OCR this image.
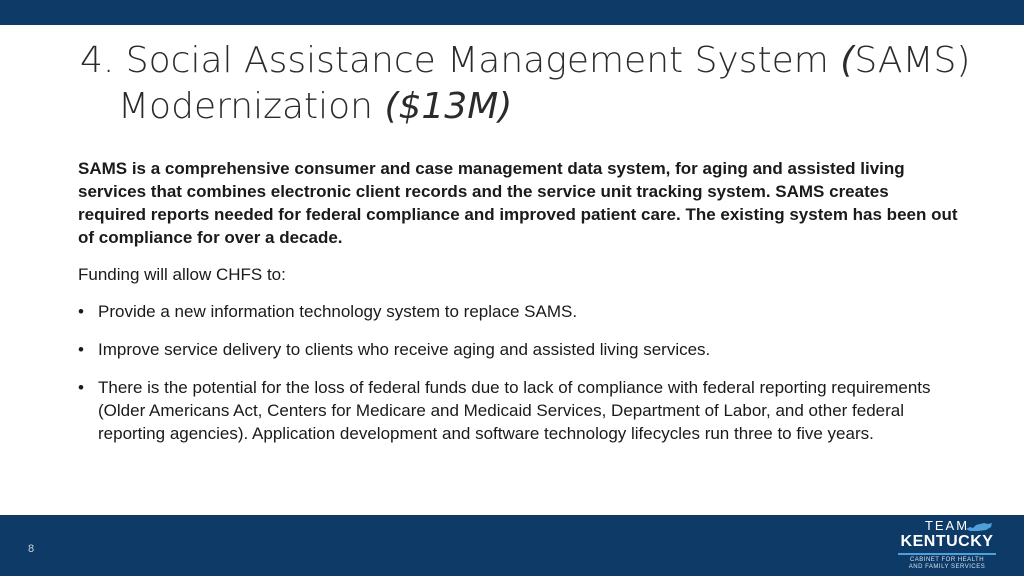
4. Social Assistance Management System (SAMS)
Modernization ($13M)

SAMS is a comprehensive consumer and case management data system, for aging and assisted living services that combines electronic client records and the service unit tracking system. SAMS creates required reports needed for federal compliance and improved patient care. The existing system has been out of compliance for over a decade.

Funding will allow CHFS to:

• Provide a new information technology system to replace SAMS.
• Improve service delivery to clients who receive aging and assisted living services.
• There is the potential for the loss of federal funds due to lack of compliance with federal reporting requirements (Older Americans Act, Centers for Medicare and Medicaid Services, Department of Labor, and other federal reporting agencies). Application development and software technology lifecycles run three to five years.
8
TEAM
KENTUCKY
CABINET FOR HEALTH
AND FAMILY SERVICES
